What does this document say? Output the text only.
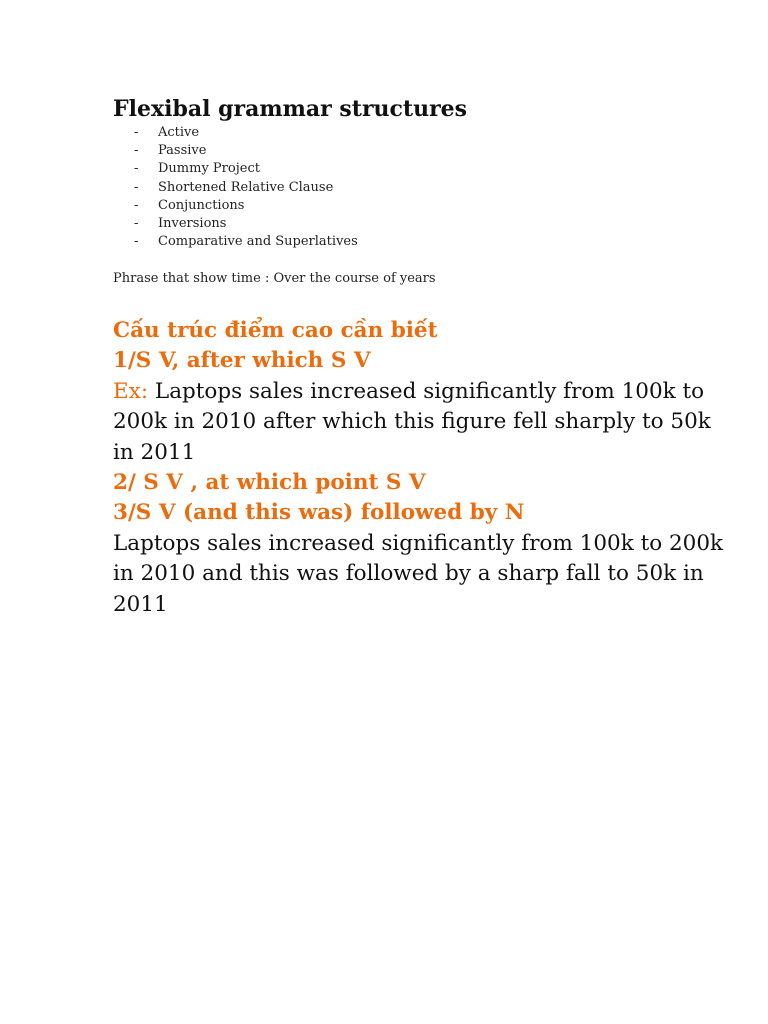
Flexibal grammar structures
- Active
- Passive
- Dummy Project
- Shortened Relative Clause
- Conjunctions
- Inversions
- Comparative and Superlatives

Phrase that show time : Over the course of years

Cấu trúc điểm cao cần biết

1/S V, after which S V

Ex: Laptops sales increased significantly from 100k to 200k in 2010 after which this figure fell sharply to 50k in 2011

2/ S V , at which point S V

3/S V (and this was) followed by N

Laptops sales increased significantly from 100k to 200k in 2010 and this was followed by a sharp fall to 50k in 2011
